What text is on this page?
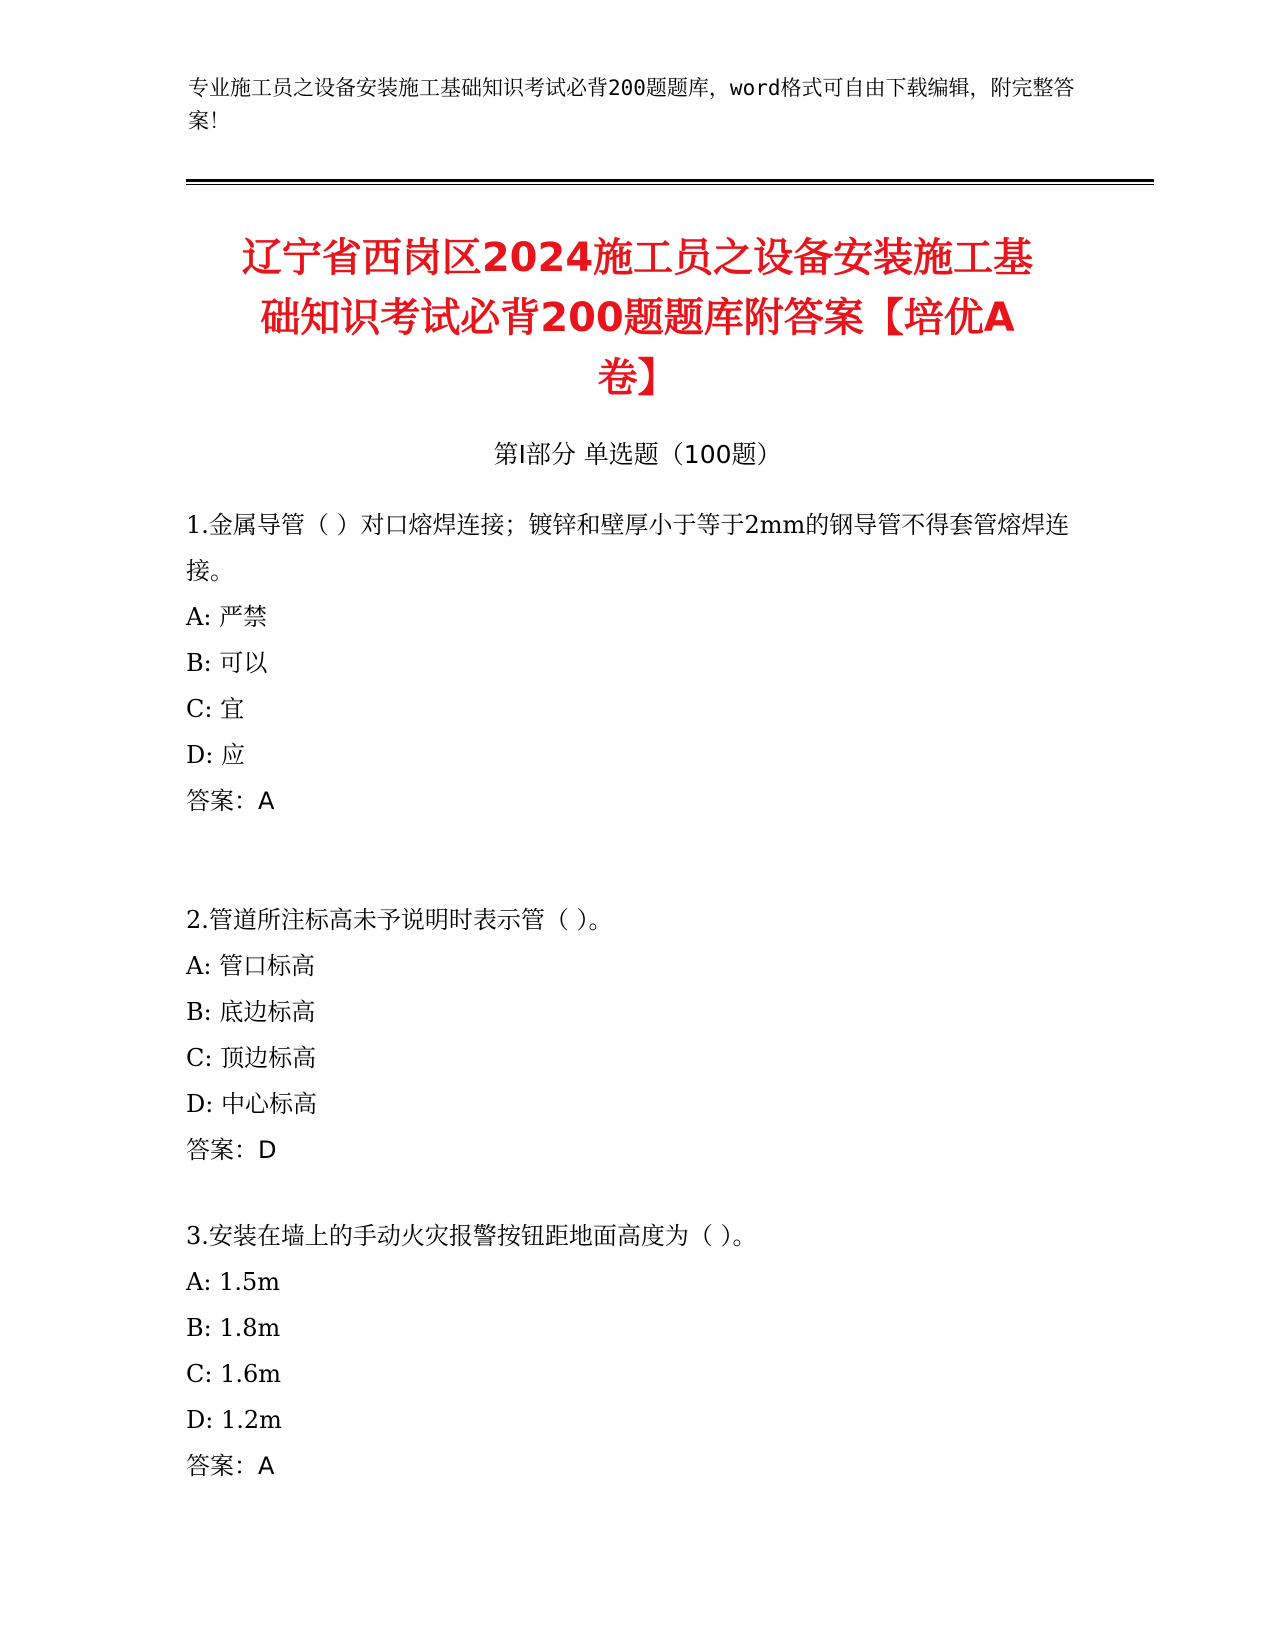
专业施工员之设备安装施工基础知识考试必背200题题库，word格式可自由下载编辑，附完整答案！
辽宁省西岗区2024施工员之设备安装施工基
础知识考试必背200题题库附答案【培优A
卷】
第Ⅰ部分 单选题（100题）

1.金属导管（ ）对口熔焊连接；镀锌和壁厚小于等于2mm的钢导管不得套管熔焊连接。

A: 严禁

B: 可以

C: 宜

D: 应

答案：A

2.管道所注标高未予说明时表示管（ ）。

A: 管口标高

B: 底边标高

C: 顶边标高

D: 中心标高

答案：D

3.安装在墙上的手动火灾报警按钮距地面高度为（ ）。

A: 1.5m

B: 1.8m

C: 1.6m

D: 1.2m

答案：A
